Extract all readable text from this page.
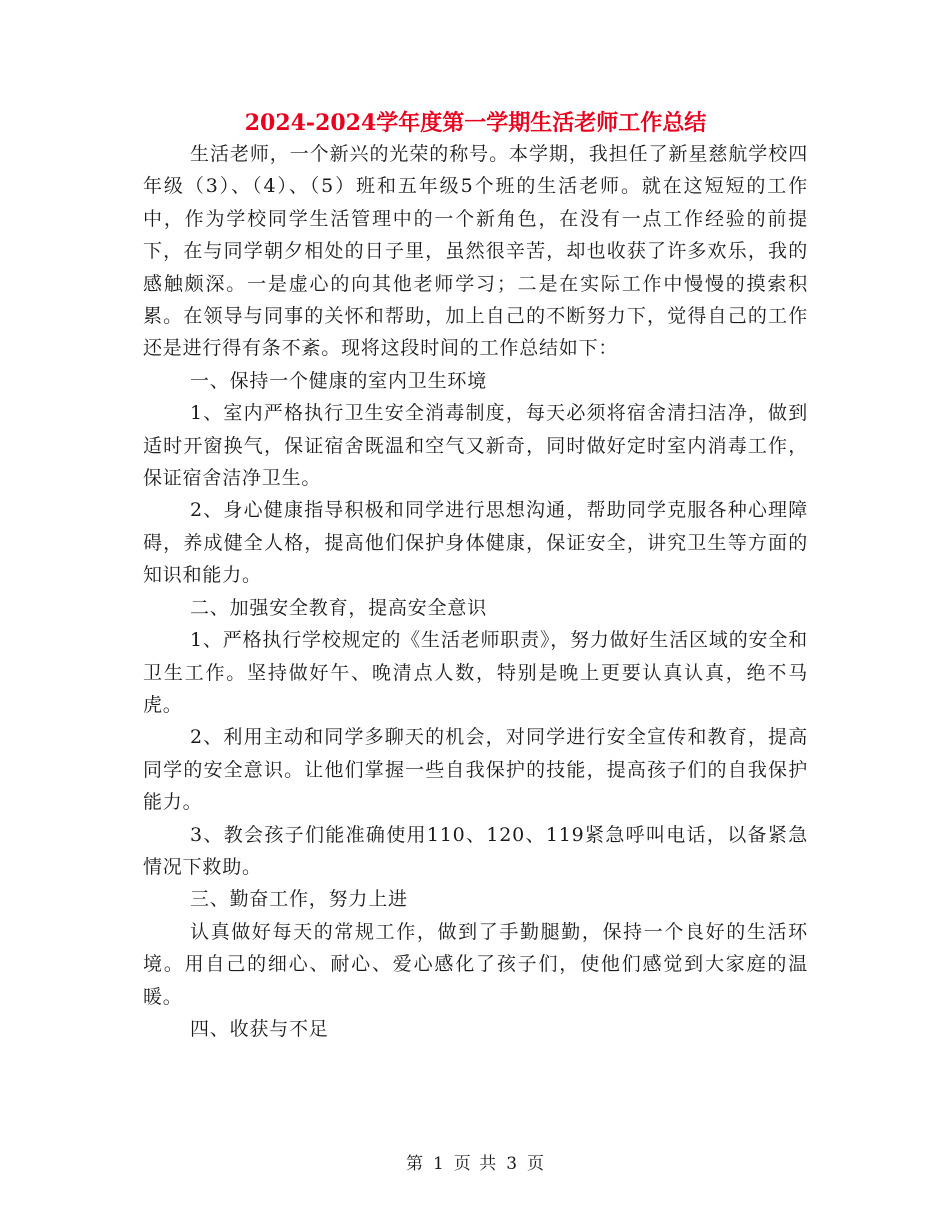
2024-2024学年度第一学期生活老师工作总结

生活老师，一个新兴的光荣的称号。本学期，我担任了新星慈航学校四年级（3）、（4）、（5）班和五年级5个班的生活老师。就在这短短的工作中，作为学校同学生活管理中的一个新角色，在没有一点工作经验的前提下，在与同学朝夕相处的日子里，虽然很辛苦，却也收获了许多欢乐，我的感触颇深。一是虚心的向其他老师学习；二是在实际工作中慢慢的摸索积累。在领导与同事的关怀和帮助，加上自己的不断努力下，觉得自己的工作还是进行得有条不紊。现将这段时间的工作总结如下：

一、保持一个健康的室内卫生环境

1、室内严格执行卫生安全消毒制度，每天必须将宿舍清扫洁净，做到适时开窗换气，保证宿舍既温和空气又新奇，同时做好定时室内消毒工作，保证宿舍洁净卫生。

2、身心健康指导积极和同学进行思想沟通，帮助同学克服各种心理障碍，养成健全人格，提高他们保护身体健康，保证安全，讲究卫生等方面的知识和能力。

二、加强安全教育，提高安全意识

1、严格执行学校规定的《生活老师职责》，努力做好生活区域的安全和卫生工作。坚持做好午、晚清点人数，特别是晚上更要认真认真，绝不马虎。

2、利用主动和同学多聊天的机会，对同学进行安全宣传和教育，提高同学的安全意识。让他们掌握一些自我保护的技能，提高孩子们的自我保护能力。

3、教会孩子们能准确使用110、120、119紧急呼叫电话，以备紧急情况下救助。

三、勤奋工作，努力上进

认真做好每天的常规工作，做到了手勤腿勤，保持一个良好的生活环境。用自己的细心、耐心、爱心感化了孩子们，使他们感觉到大家庭的温暖。

四、收获与不足

第 1 页 共 3 页
